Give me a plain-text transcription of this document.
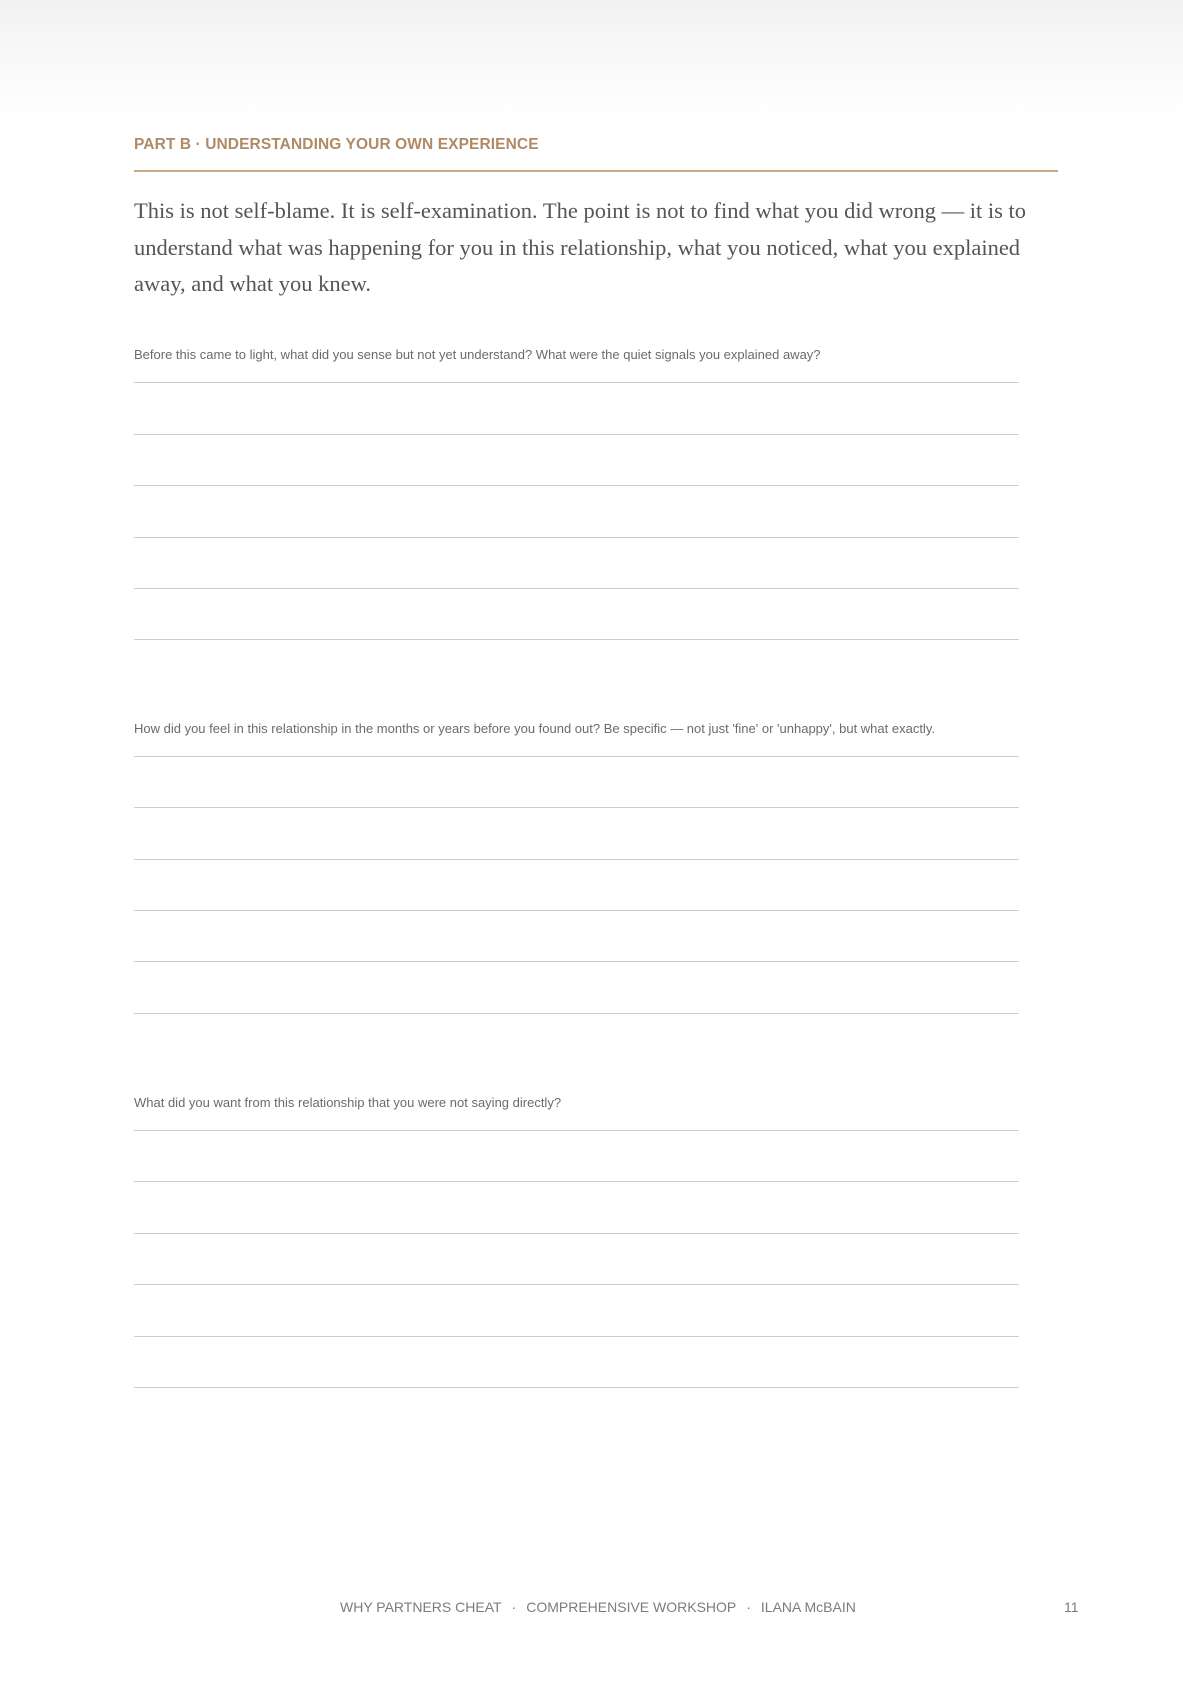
PART B · UNDERSTANDING YOUR OWN EXPERIENCE

This is not self-blame. It is self-examination. The point is not to find what you did wrong — it is to understand what was happening for you in this relationship, what you noticed, what you explained away, and what you knew.

Before this came to light, what did you sense but not yet understand? What were the quiet signals you explained away?
How did you feel in this relationship in the months or years before you found out? Be specific — not just 'fine' or 'unhappy', but what exactly.
What did you want from this relationship that you were not saying directly?
WHY PARTNERS CHEAT · COMPREHENSIVE WORKSHOP · ILANA McBAIN	11
